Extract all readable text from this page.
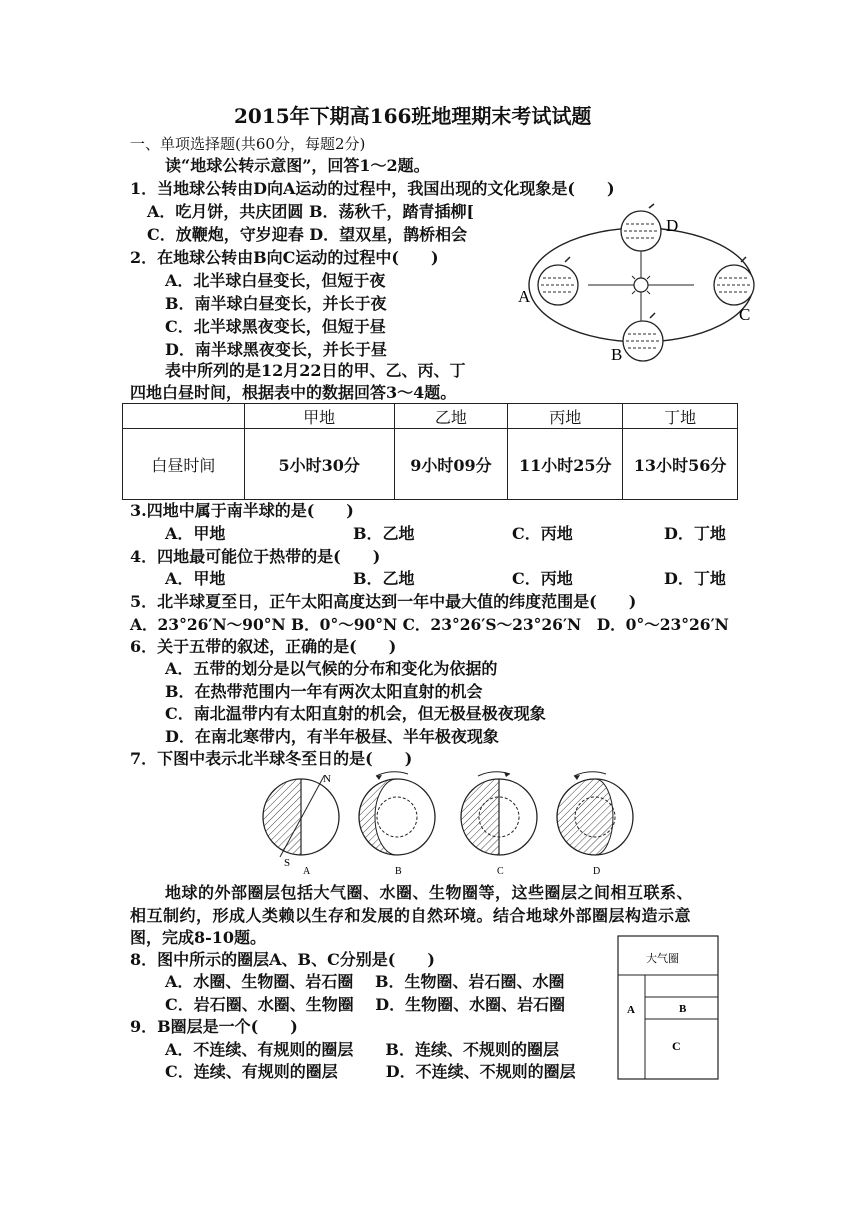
2015年下期高166班地理期末考试试题
一、单项选择题(共60分，每题2分)
读“地球公转示意图”，回答1～2题。
1．当地球公转由D向A运动的过程中，我国出现的文化现象是(　　)
A．吃月饼，共庆团圆 B．荡秋千，踏青插柳[
C．放鞭炮，守岁迎春 D．望双星，鹊桥相会
2．在地球公转由B向C运动的过程中(　　)
A．北半球白昼变长，但短于夜
B．南半球白昼变长，并长于夜
C．北半球黑夜变长，但短于昼
D．南半球黑夜变长，并长于昼
D
A
C
B
表中所列的是12月22日的甲、乙、丙、丁
四地白昼时间，根据表中的数据回答3～4题。
	甲地	乙地	丙地	丁地
白昼时间	5小时30分	9小时09分	11小时25分	13小时56分
3.四地中属于南半球的是(　　)
A．甲地	B．乙地	C．丙地	D．丁地
4．四地最可能位于热带的是(　　)
A．甲地	B．乙地	C．丙地	D．丁地
5．北半球夏至日，正午太阳高度达到一年中最大值的纬度范围是(　　)
A．23°26′N～90°N B．0°～90°N C．23°26′S～23°26′N　D．0°～23°26′N
6．关于五带的叙述，正确的是(　　)
A．五带的划分是以气候的分布和变化为依据的
B．在热带范围内一年有两次太阳直射的机会
C．南北温带内有太阳直射的机会，但无极昼极夜现象
D．在南北寒带内，有半年极昼、半年极夜现象
7．下图中表示北半球冬至日的是(　　)
N
S
A	B	C	D
地球的外部圈层包括大气圈、水圈、生物圈等，这些圈层之间相互联系、
相互制约，形成人类赖以生存和发展的自然环境。结合地球外部圈层构造示意
图，完成8-10题。
8．图中所示的圈层A、B、C分别是(　　)
A．水圈、生物圈、岩石圈　 B．生物圈、岩石圈、水圈
C．岩石圈、水圈、生物圈　 D．生物圈、水圈、岩石圈
9．B圈层是一个(　　)
A．不连续、有规则的圈层　　B．连续、不规则的圈层
C．连续、有规则的圈层　　　D．不连续、不规则的圈层
大气圈
A	B
C
